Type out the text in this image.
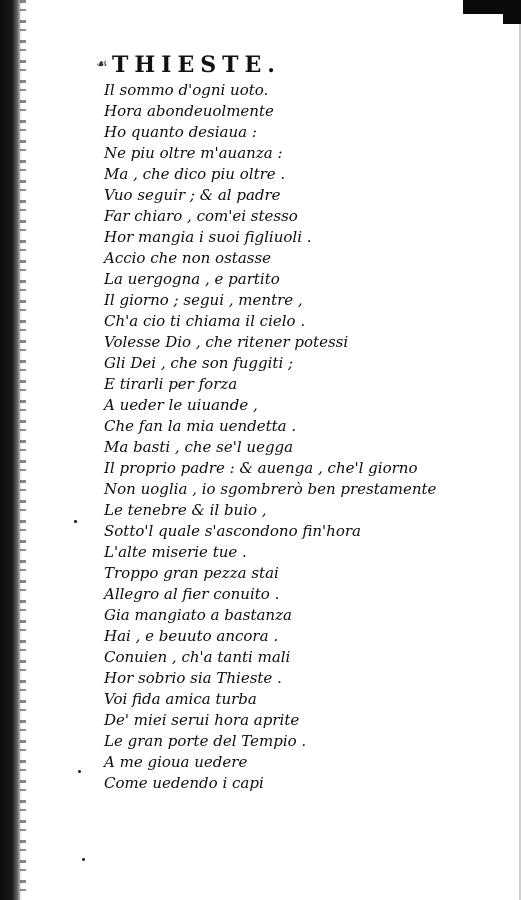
☙ THIESTE.
Il sommo d'ogni uoto.
Hora abondeuolmente
Ho quanto desiaua :
Ne piu oltre m'auanza :
Ma , che dico piu oltre .
Vuo seguir ; & al padre
Far chiaro , com'ei stesso
Hor mangia i suoi figliuoli .
Accio che non ostasse
La uergogna , e partito
Il giorno ; segui , mentre ,
Ch'a cio ti chiama il cielo .
Volesse Dio , che ritener potessi
Gli Dei , che son fuggiti ;
E tirarli per forza
A ueder le uiuande ,
Che fan la mia uendetta .
Ma basti , che se'l uegga
Il proprio padre : & auenga , che'l giorno
Non uoglia , io sgombrerò ben prestamente
Le tenebre & il buio ,
Sotto'l quale s'ascondono fin'hora
L'alte miserie tue .
Troppo gran pezza stai
Allegro al fier conuito .
Gia mangiato a bastanza
Hai , e beuuto ancora .
Conuien , ch'a tanti mali
Hor sobrio sia Thieste .
Voi fida amica turba
De' miei serui hora aprite
Le gran porte del Tempio .
A me gioua uedere
Come uedendo i capi
